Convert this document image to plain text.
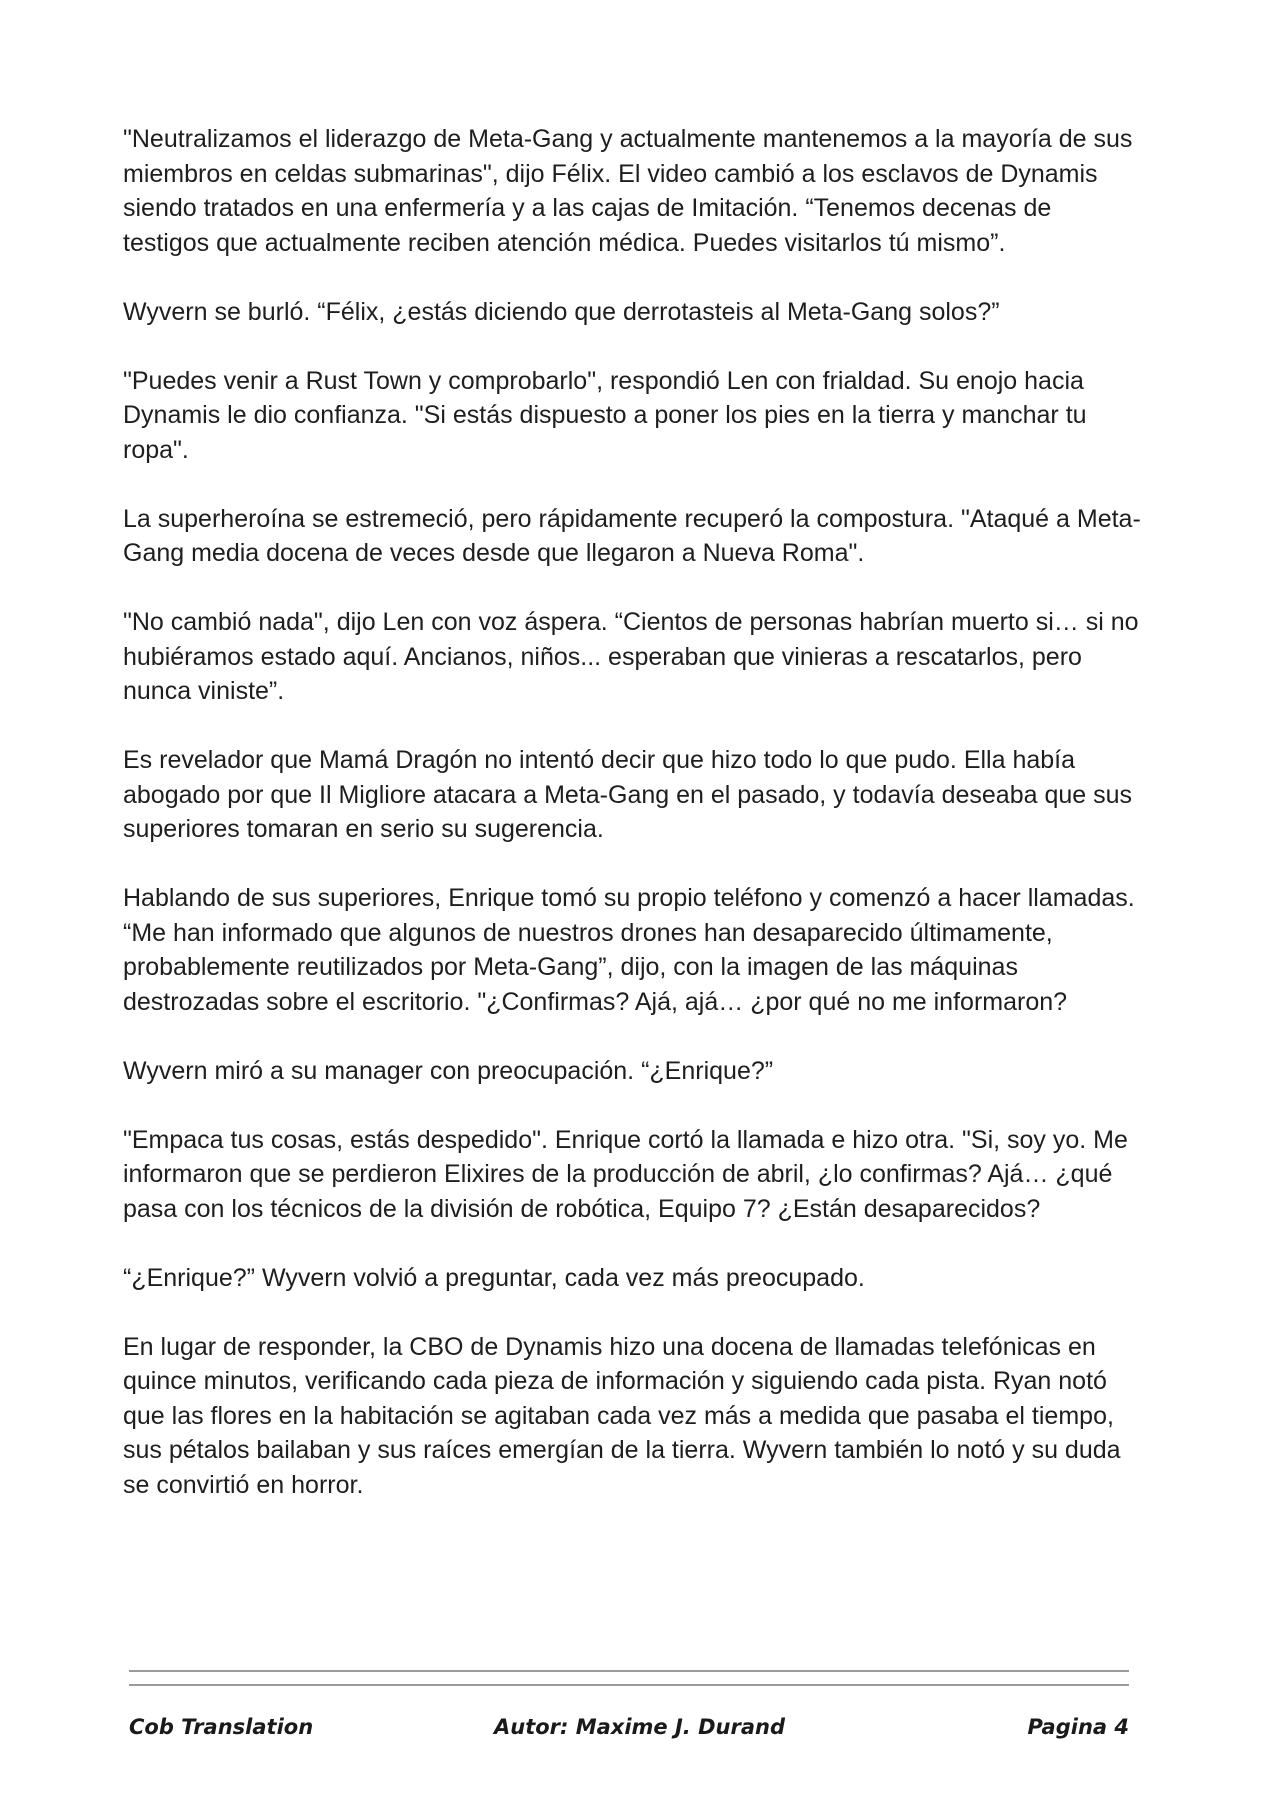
"Neutralizamos el liderazgo de Meta-Gang y actualmente mantenemos a la mayoría de sus miembros en celdas submarinas", dijo Félix. El video cambió a los esclavos de Dynamis siendo tratados en una enfermería y a las cajas de Imitación. “Tenemos decenas de testigos que actualmente reciben atención médica. Puedes visitarlos tú mismo”.

Wyvern se burló. “Félix, ¿estás diciendo que derrotasteis al Meta-Gang solos?”

"Puedes venir a Rust Town y comprobarlo", respondió Len con frialdad. Su enojo hacia Dynamis le dio confianza. "Si estás dispuesto a poner los pies en la tierra y manchar tu ropa".

La superheroína se estremeció, pero rápidamente recuperó la compostura. "Ataqué a Meta-Gang media docena de veces desde que llegaron a Nueva Roma".

"No cambió nada", dijo Len con voz áspera. “Cientos de personas habrían muerto si… si no hubiéramos estado aquí. Ancianos, niños... esperaban que vinieras a rescatarlos, pero nunca viniste”.

Es revelador que Mamá Dragón no intentó decir que hizo todo lo que pudo. Ella había abogado por que Il Migliore atacara a Meta-Gang en el pasado, y todavía deseaba que sus superiores tomaran en serio su sugerencia.

Hablando de sus superiores, Enrique tomó su propio teléfono y comenzó a hacer llamadas. “Me han informado que algunos de nuestros drones han desaparecido últimamente, probablemente reutilizados por Meta-Gang”, dijo, con la imagen de las máquinas destrozadas sobre el escritorio. "¿Confirmas? Ajá, ajá… ¿por qué no me informaron?

Wyvern miró a su manager con preocupación. “¿Enrique?”

"Empaca tus cosas, estás despedido". Enrique cortó la llamada e hizo otra. "Si, soy yo. Me informaron que se perdieron Elixires de la producción de abril, ¿lo confirmas? Ajá… ¿qué pasa con los técnicos de la división de robótica, Equipo 7? ¿Están desaparecidos?

“¿Enrique?” Wyvern volvió a preguntar, cada vez más preocupado.

En lugar de responder, la CBO de Dynamis hizo una docena de llamadas telefónicas en quince minutos, verificando cada pieza de información y siguiendo cada pista. Ryan notó que las flores en la habitación se agitaban cada vez más a medida que pasaba el tiempo, sus pétalos bailaban y sus raíces emergían de la tierra. Wyvern también lo notó y su duda se convirtió en horror.

Cob Translation	Autor: Maxime J. Durand	Pagina 4
